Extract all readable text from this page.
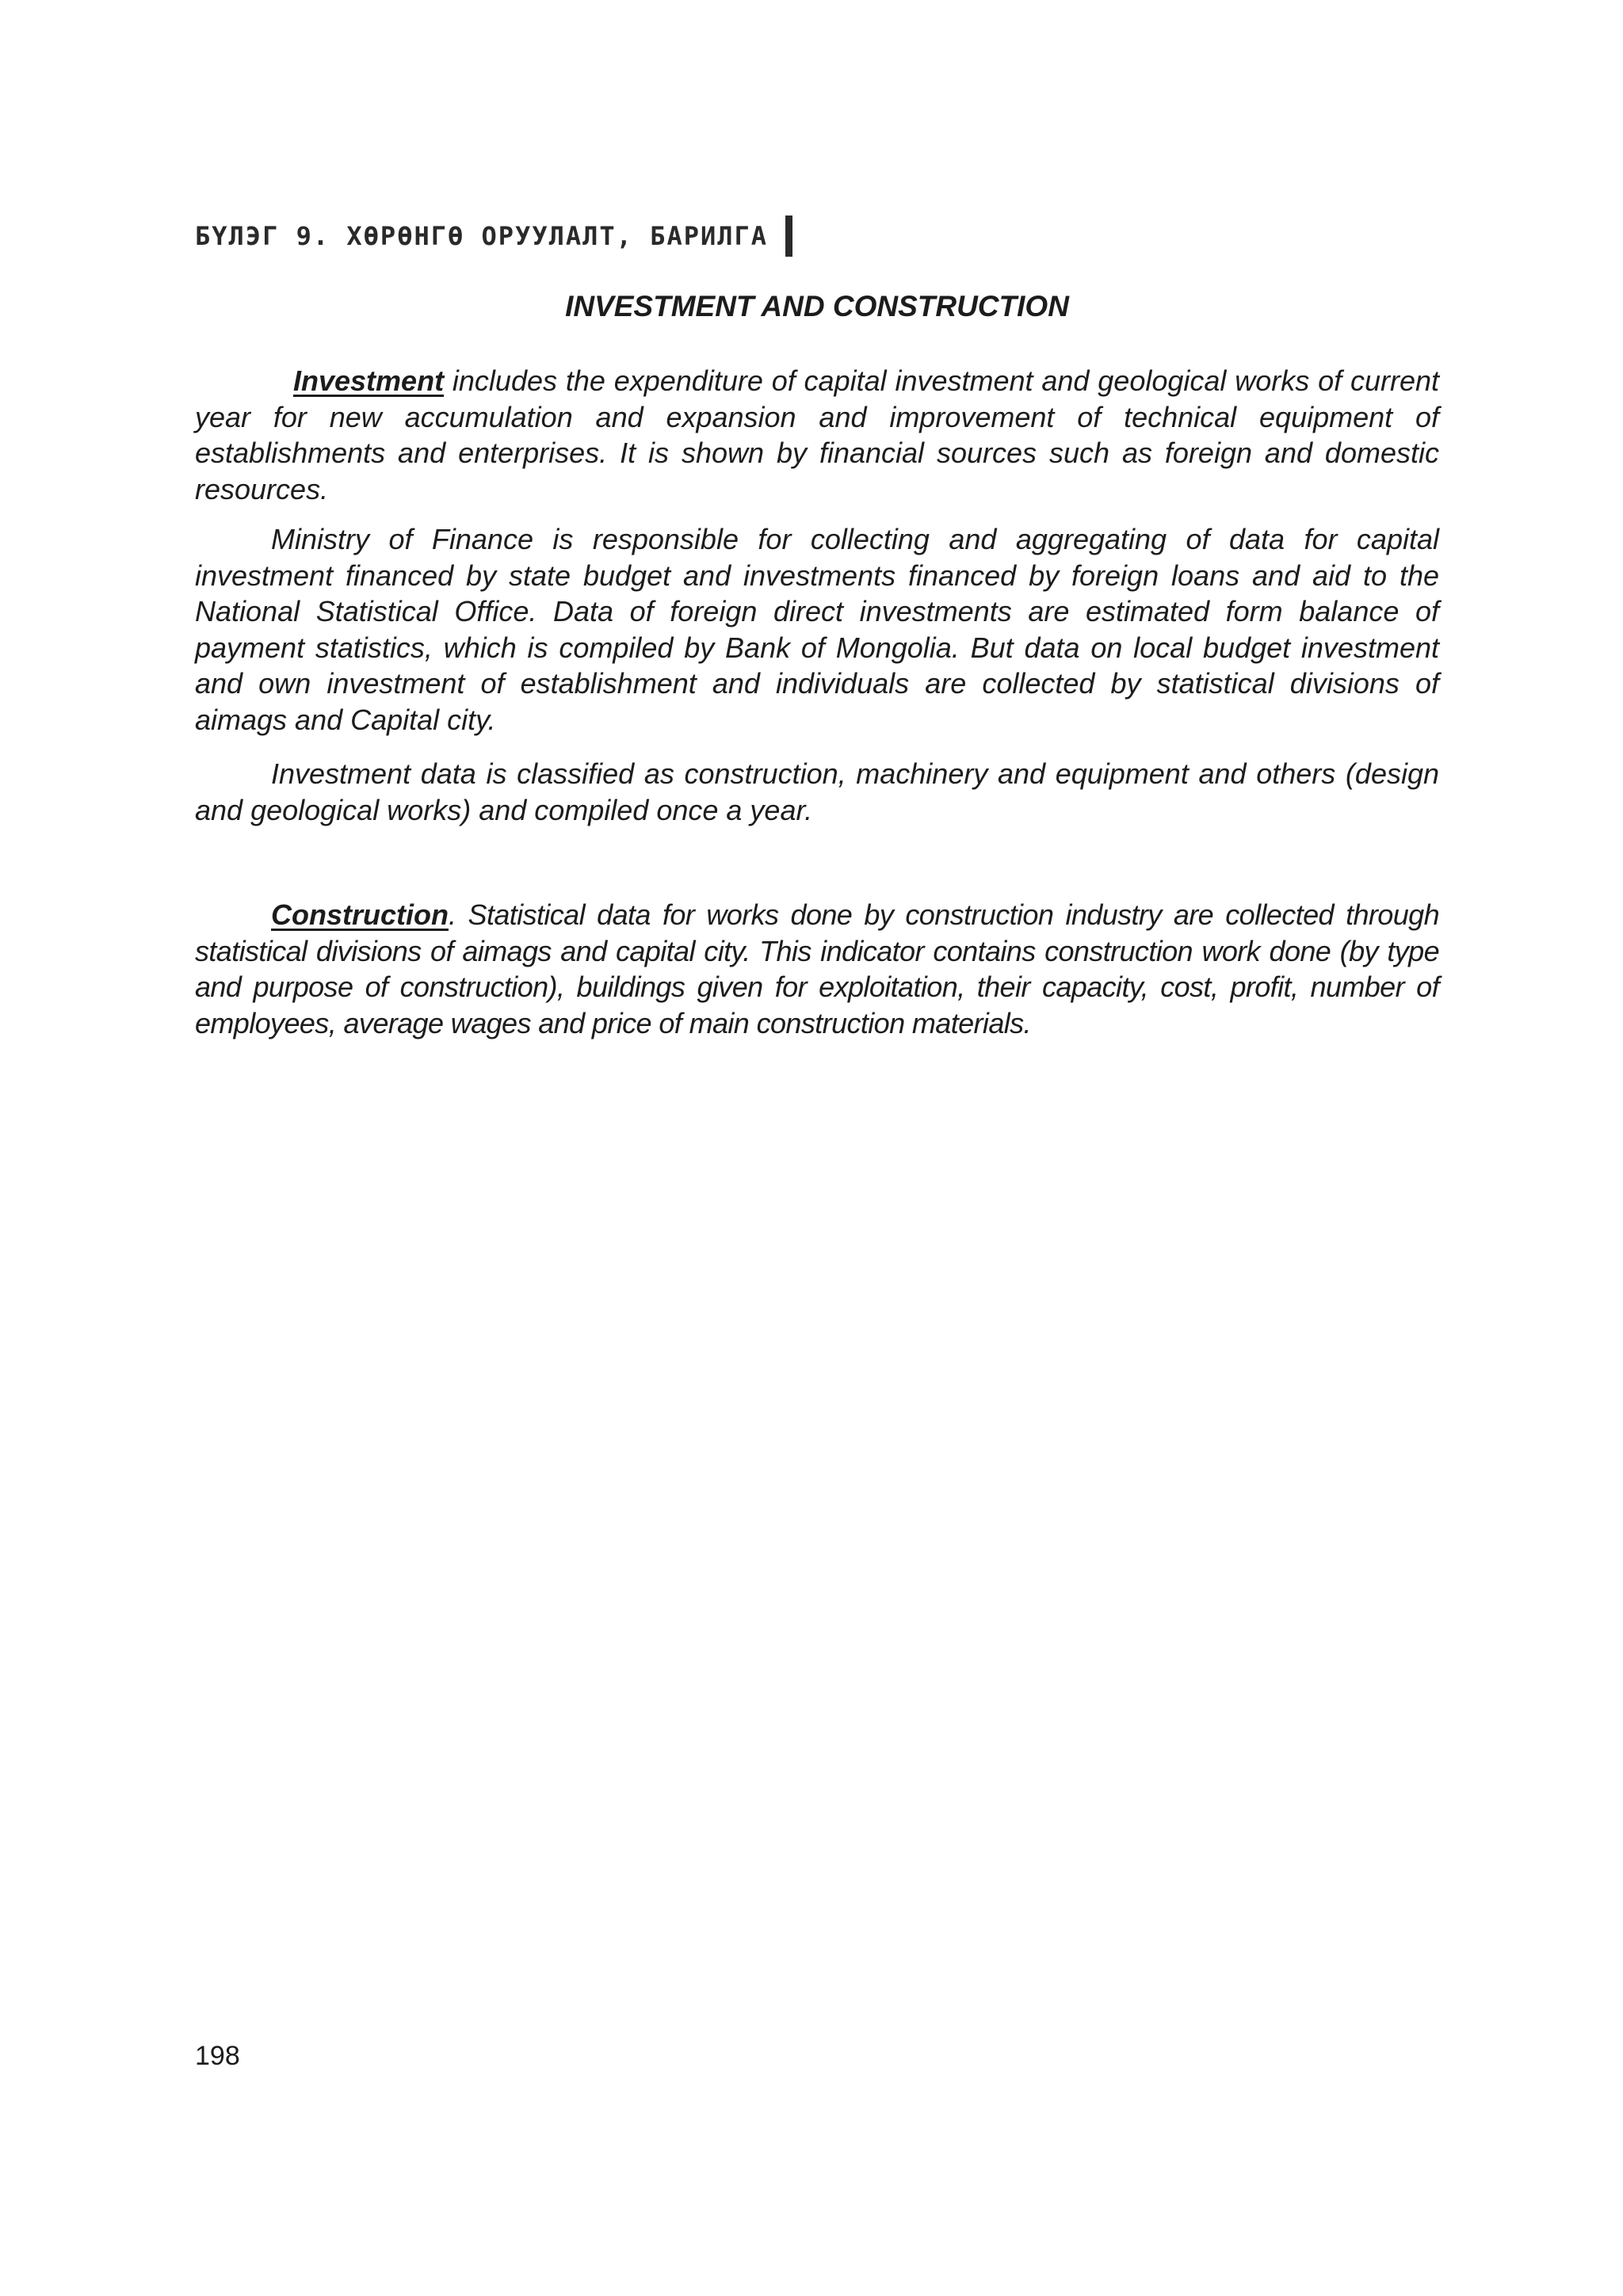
БҮЛЭГ 9. ХӨРӨНГӨ ОРУУЛАЛТ, БАРИЛГА
INVESTMENT AND CONSTRUCTION

Investment includes the expenditure of capital investment and geological works of current year for new accumulation and expansion and improvement of technical equipment of establishments and enterprises. It is shown by financial sources such as foreign and domestic resources.

Ministry of Finance is responsible for collecting and aggregating of data for capital investment financed by state budget and investments financed by foreign loans and aid to the National Statistical Office. Data of foreign direct investments are estimated form balance of payment statistics, which is compiled by Bank of Mongolia. But data on local budget investment and own investment of establishment and individuals are collected by statistical divisions of aimags and Capital city.

Investment data is classified as construction, machinery and equipment and others (design and geological works) and compiled once a year.

Construction. Statistical data for works done by construction industry are collected through statistical divisions of aimags and capital city. This indicator contains construction work done (by type and purpose of construction), buildings given for exploitation, their capacity, cost, profit, number of employees, average wages and price of main construction materials.

198
